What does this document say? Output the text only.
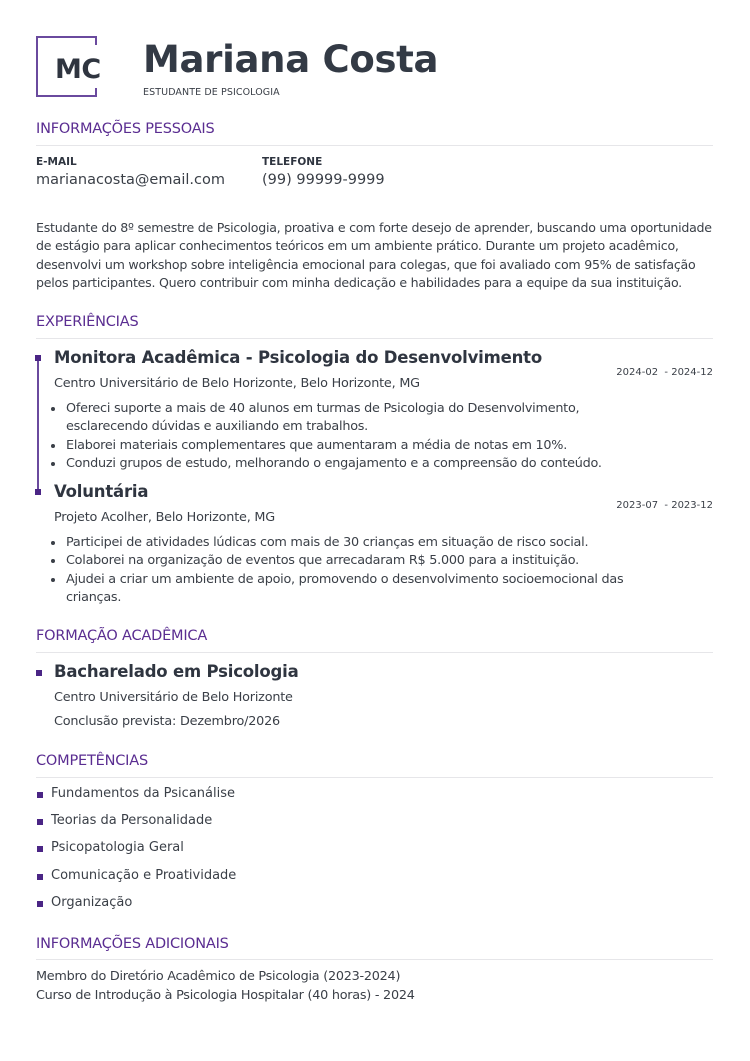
MC	Mariana Costa
ESTUDANTE DE PSICOLOGIA
INFORMAÇÕES PESSOAIS
E-MAIL
marianacosta@email.com
TELEFONE
(99) 99999-9999
Estudante do 8º semestre de Psicologia, proativa e com forte desejo de aprender, buscando uma oportunidade de estágio para aplicar conhecimentos teóricos em um ambiente prático. Durante um projeto acadêmico, desenvolvi um workshop sobre inteligência emocional para colegas, que foi avaliado com 95% de satisfação pelos participantes. Quero contribuir com minha dedicação e habilidades para a equipe da sua instituição.
EXPERIÊNCIAS
Monitora Acadêmica - Psicologia do Desenvolvimento
2024-02  - 2024-12
Centro Universitário de Belo Horizonte, Belo Horizonte, MG
Ofereci suporte a mais de 40 alunos em turmas de Psicologia do Desenvolvimento, esclarecendo dúvidas e auxiliando em trabalhos.
Elaborei materiais complementares que aumentaram a média de notas em 10%.
Conduzi grupos de estudo, melhorando o engajamento e a compreensão do conteúdo.
Voluntária
2023-07  - 2023-12
Projeto Acolher, Belo Horizonte, MG
Participei de atividades lúdicas com mais de 30 crianças em situação de risco social.
Colaborei na organização de eventos que arrecadaram R$ 5.000 para a instituição.
Ajudei a criar um ambiente de apoio, promovendo o desenvolvimento socioemocional das crianças.
FORMAÇÃO ACADÊMICA
Bacharelado em Psicologia
Centro Universitário de Belo Horizonte
Conclusão prevista: Dezembro/2026
COMPETÊNCIAS
Fundamentos da Psicanálise
Teorias da Personalidade
Psicopatologia Geral
Comunicação e Proatividade
Organização
INFORMAÇÕES ADICIONAIS
Membro do Diretório Acadêmico de Psicologia (2023-2024)
Curso de Introdução à Psicologia Hospitalar (40 horas) - 2024
